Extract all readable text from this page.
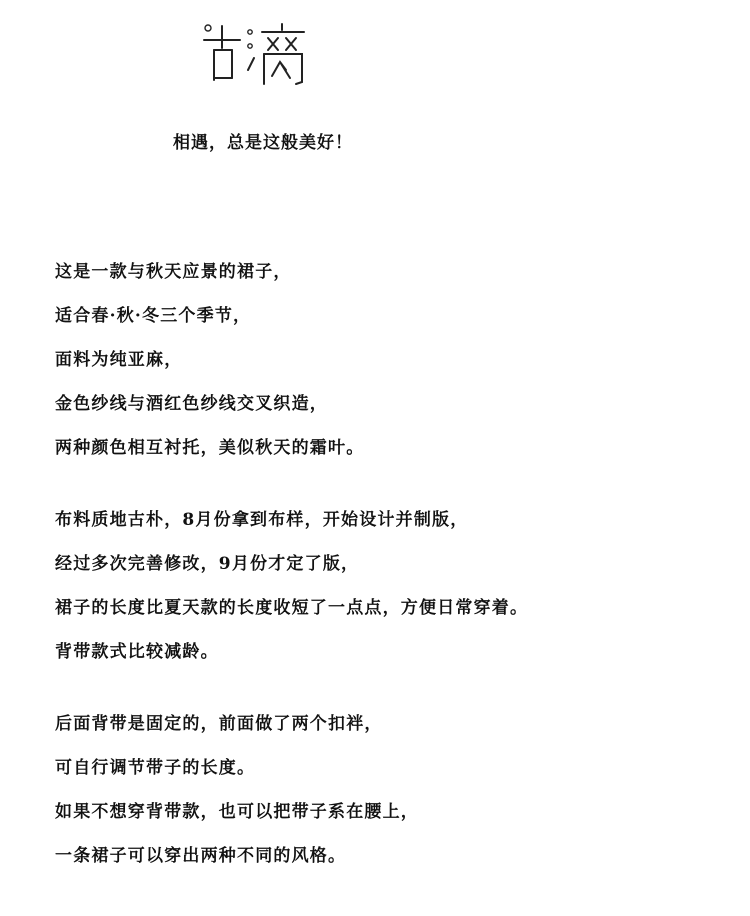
相遇，总是这般美好！

这是一款与秋天应景的裙子，
适合春·秋·冬三个季节，
面料为纯亚麻，
金色纱线与酒红色纱线交叉织造，
两种颜色相互衬托，美似秋天的霜叶。
布料质地古朴，8月份拿到布样，开始设计并制版，
经过多次完善修改，9月份才定了版，
裙子的长度比夏天款的长度收短了一点点，方便日常穿着。
背带款式比较减龄。
后面背带是固定的，前面做了两个扣袢，
可自行调节带子的长度。
如果不想穿背带款，也可以把带子系在腰上，
一条裙子可以穿出两种不同的风格。
